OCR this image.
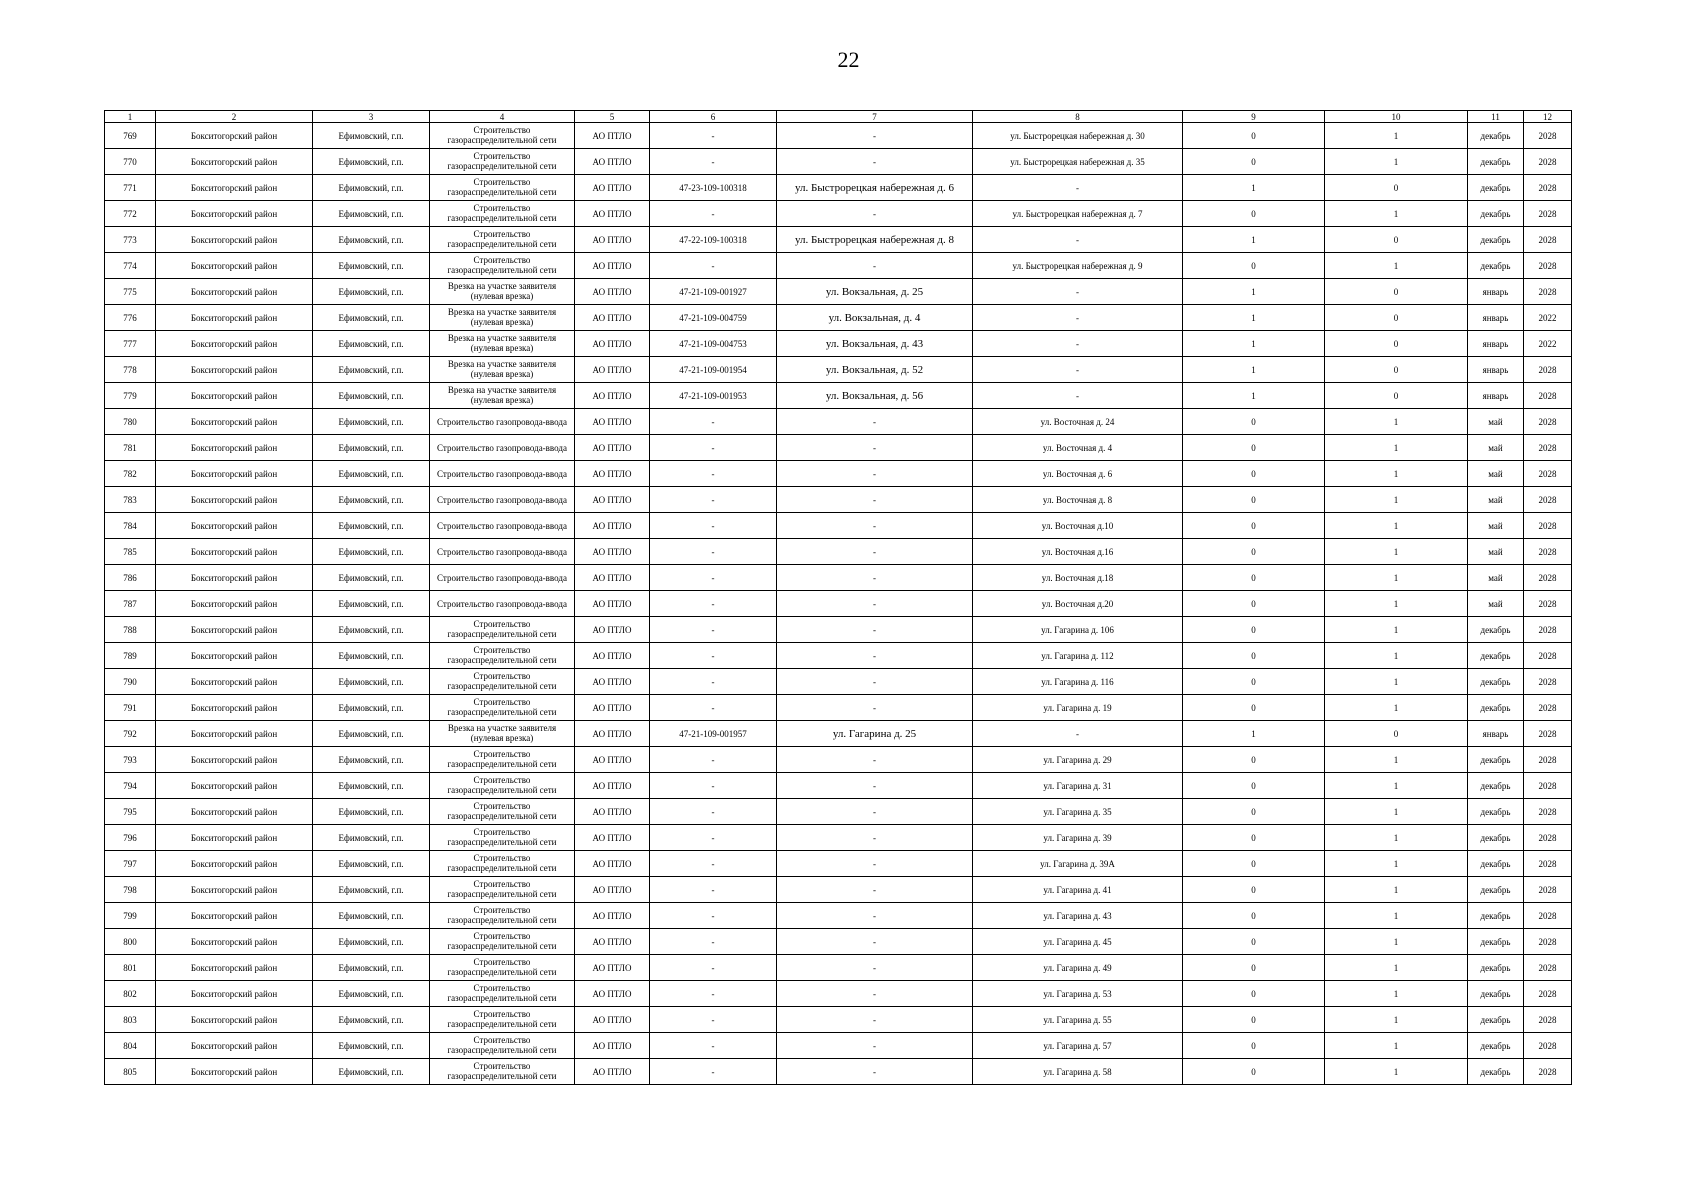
22
1	2	3	4	5	6	7	8	9	10	11	12
769	Бокситогорский район	Ефимовский, г.п.	Строительство газораспределительной сети	АО ПТЛО	-	-	ул. Быстрорецкая набережная д. 30	0	1	декабрь	2028
770	Бокситогорский район	Ефимовский, г.п.	Строительство газораспределительной сети	АО ПТЛО	-	-	ул. Быстрорецкая набережная д. 35	0	1	декабрь	2028
771	Бокситогорский район	Ефимовский, г.п.	Строительство газораспределительной сети	АО ПТЛО	47-23-109-100318	ул. Быстрорецкая набережная д. 6	-	1	0	декабрь	2028
772	Бокситогорский район	Ефимовский, г.п.	Строительство газораспределительной сети	АО ПТЛО	-	-	ул. Быстрорецкая набережная д. 7	0	1	декабрь	2028
773	Бокситогорский район	Ефимовский, г.п.	Строительство газораспределительной сети	АО ПТЛО	47-22-109-100318	ул. Быстрорецкая набережная д. 8	-	1	0	декабрь	2028
774	Бокситогорский район	Ефимовский, г.п.	Строительство газораспределительной сети	АО ПТЛО	-	-	ул. Быстрорецкая набережная д. 9	0	1	декабрь	2028
775	Бокситогорский район	Ефимовский, г.п.	Врезка на участке заявителя (нулевая врезка)	АО ПТЛО	47-21-109-001927	ул. Вокзальная, д. 25	-	1	0	январь	2028
776	Бокситогорский район	Ефимовский, г.п.	Врезка на участке заявителя (нулевая врезка)	АО ПТЛО	47-21-109-004759	ул. Вокзальная, д. 4	-	1	0	январь	2022
777	Бокситогорский район	Ефимовский, г.п.	Врезка на участке заявителя (нулевая врезка)	АО ПТЛО	47-21-109-004753	ул. Вокзальная, д. 43	-	1	0	январь	2022
778	Бокситогорский район	Ефимовский, г.п.	Врезка на участке заявителя (нулевая врезка)	АО ПТЛО	47-21-109-001954	ул. Вокзальная, д. 52	-	1	0	январь	2028
779	Бокситогорский район	Ефимовский, г.п.	Врезка на участке заявителя (нулевая врезка)	АО ПТЛО	47-21-109-001953	ул. Вокзальная, д. 56	-	1	0	январь	2028
780	Бокситогорский район	Ефимовский, г.п.	Строительство газопровода-ввода	АО ПТЛО	-	-	ул. Восточная д. 24	0	1	май	2028
781	Бокситогорский район	Ефимовский, г.п.	Строительство газопровода-ввода	АО ПТЛО	-	-	ул. Восточная д. 4	0	1	май	2028
782	Бокситогорский район	Ефимовский, г.п.	Строительство газопровода-ввода	АО ПТЛО	-	-	ул. Восточная д. 6	0	1	май	2028
783	Бокситогорский район	Ефимовский, г.п.	Строительство газопровода-ввода	АО ПТЛО	-	-	ул. Восточная д. 8	0	1	май	2028
784	Бокситогорский район	Ефимовский, г.п.	Строительство газопровода-ввода	АО ПТЛО	-	-	ул. Восточная д.10	0	1	май	2028
785	Бокситогорский район	Ефимовский, г.п.	Строительство газопровода-ввода	АО ПТЛО	-	-	ул. Восточная д.16	0	1	май	2028
786	Бокситогорский район	Ефимовский, г.п.	Строительство газопровода-ввода	АО ПТЛО	-	-	ул. Восточная д.18	0	1	май	2028
787	Бокситогорский район	Ефимовский, г.п.	Строительство газопровода-ввода	АО ПТЛО	-	-	ул. Восточная д.20	0	1	май	2028
788	Бокситогорский район	Ефимовский, г.п.	Строительство газораспределительной сети	АО ПТЛО	-	-	ул. Гагарина д. 106	0	1	декабрь	2028
789	Бокситогорский район	Ефимовский, г.п.	Строительство газораспределительной сети	АО ПТЛО	-	-	ул. Гагарина д. 112	0	1	декабрь	2028
790	Бокситогорский район	Ефимовский, г.п.	Строительство газораспределительной сети	АО ПТЛО	-	-	ул. Гагарина д. 116	0	1	декабрь	2028
791	Бокситогорский район	Ефимовский, г.п.	Строительство газораспределительной сети	АО ПТЛО	-	-	ул. Гагарина д. 19	0	1	декабрь	2028
792	Бокситогорский район	Ефимовский, г.п.	Врезка на участке заявителя (нулевая врезка)	АО ПТЛО	47-21-109-001957	ул. Гагарина д. 25	-	1	0	январь	2028
793	Бокситогорский район	Ефимовский, г.п.	Строительство газораспределительной сети	АО ПТЛО	-	-	ул. Гагарина д. 29	0	1	декабрь	2028
794	Бокситогорский район	Ефимовский, г.п.	Строительство газораспределительной сети	АО ПТЛО	-	-	ул. Гагарина д. 31	0	1	декабрь	2028
795	Бокситогорский район	Ефимовский, г.п.	Строительство газораспределительной сети	АО ПТЛО	-	-	ул. Гагарина д. 35	0	1	декабрь	2028
796	Бокситогорский район	Ефимовский, г.п.	Строительство газораспределительной сети	АО ПТЛО	-	-	ул. Гагарина д. 39	0	1	декабрь	2028
797	Бокситогорский район	Ефимовский, г.п.	Строительство газораспределительной сети	АО ПТЛО	-	-	ул. Гагарина д. 39А	0	1	декабрь	2028
798	Бокситогорский район	Ефимовский, г.п.	Строительство газораспределительной сети	АО ПТЛО	-	-	ул. Гагарина д. 41	0	1	декабрь	2028
799	Бокситогорский район	Ефимовский, г.п.	Строительство газораспределительной сети	АО ПТЛО	-	-	ул. Гагарина д. 43	0	1	декабрь	2028
800	Бокситогорский район	Ефимовский, г.п.	Строительство газораспределительной сети	АО ПТЛО	-	-	ул. Гагарина д. 45	0	1	декабрь	2028
801	Бокситогорский район	Ефимовский, г.п.	Строительство газораспределительной сети	АО ПТЛО	-	-	ул. Гагарина д. 49	0	1	декабрь	2028
802	Бокситогорский район	Ефимовский, г.п.	Строительство газораспределительной сети	АО ПТЛО	-	-	ул. Гагарина д. 53	0	1	декабрь	2028
803	Бокситогорский район	Ефимовский, г.п.	Строительство газораспределительной сети	АО ПТЛО	-	-	ул. Гагарина д. 55	0	1	декабрь	2028
804	Бокситогорский район	Ефимовский, г.п.	Строительство газораспределительной сети	АО ПТЛО	-	-	ул. Гагарина д. 57	0	1	декабрь	2028
805	Бокситогорский район	Ефимовский, г.п.	Строительство газораспределительной сети	АО ПТЛО	-	-	ул. Гагарина д. 58	0	1	декабрь	2028
